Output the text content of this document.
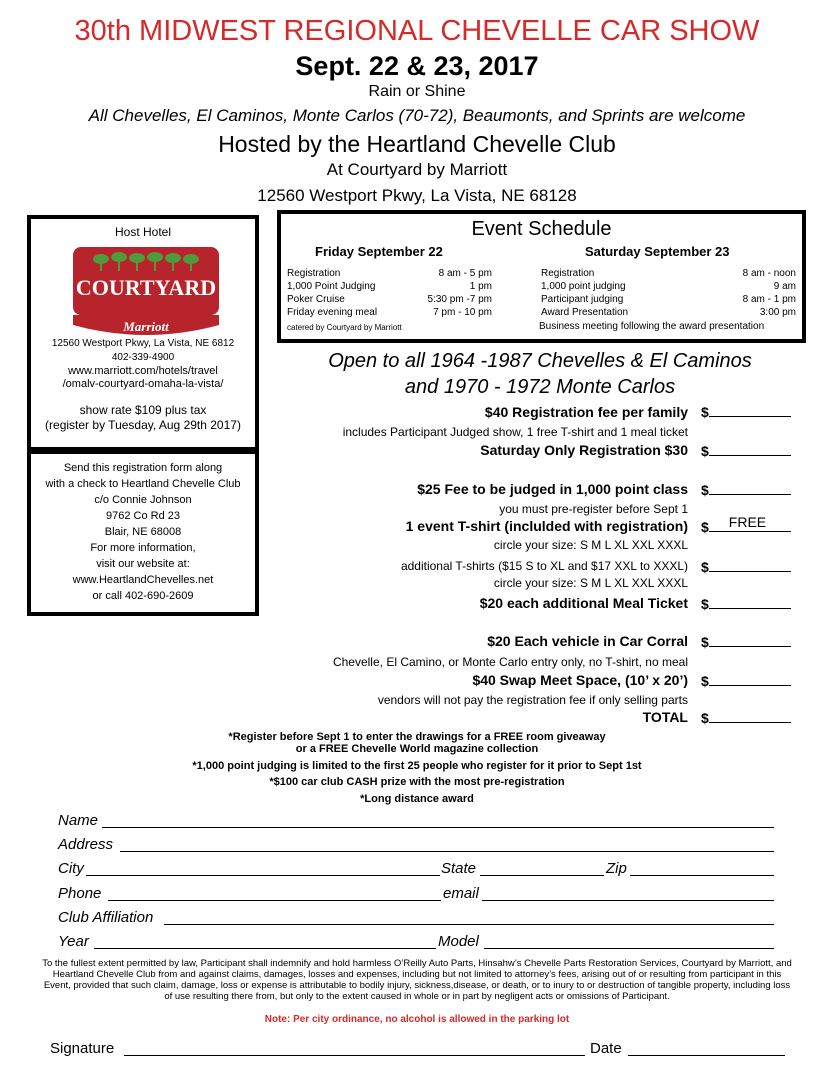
30th MIDWEST REGIONAL CHEVELLE CAR SHOW
Sept. 22 & 23, 2017
Rain or Shine
All Chevelles, El Caminos, Monte Carlos (70-72), Beaumonts, and Sprints are welcome
Hosted by the Heartland Chevelle Club
At Courtyard by Marriott
12560 Westport Pkwy, La Vista, NE 68128
Host Hotel
COURTYARD
Marriott
12560 Westport Pkwy, La Vista, NE 6812
402-339-4900
www.marriott.com/hotels/travel
/omalv-courtyard-omaha-la-vista/
show rate $109 plus tax
(register by Tuesday, Aug 29th 2017)
Send this registration form along
with a check to Heartland Chevelle Club
c/o Connie Johnson
9762 Co Rd 23
Blair, NE 68008
For more information,
visit our website at:
www.HeartlandChevelles.net
or call 402-690-2609
Event Schedule
Friday September 22	Saturday September 23
Registration	8 am - 5 pm
1,000 Point Judging	1 pm
Poker Cruise	5:30 pm -7 pm
Friday evening meal	7 pm - 10 pm
catered by Courtyard by Marriott
Registration	8 am - noon
1,000 point judging	9 am
Participant judging	8 am - 1 pm
Award Presentation	3:00 pm
Business meeting following the award presentation
Open to all 1964 -1987 Chevelles & El Caminos
and 1970 - 1972 Monte Carlos
$40 Registration fee per family $
includes Participant Judged show, 1 free T-shirt and 1 meal ticket
Saturday Only Registration $30 $
$25 Fee to be judged in 1,000 point class $
you must pre-register before Sept 1
1 event T-shirt (inclulded with registration) $ FREE
circle your size: S M L XL XXL XXXL
additional T-shirts ($15 S to XL and $17 XXL to XXXL) $
circle your size: S M L XL XXL XXXL
$20 each additional Meal Ticket $
$20 Each vehicle in Car Corral $
Chevelle, El Camino, or Monte Carlo entry only, no T-shirt, no meal
$40 Swap Meet Space, (10’ x 20’) $
vendors will not pay the registration fee if only selling parts
TOTAL $
*Register before Sept 1 to enter the drawings for a FREE room giveaway
or a FREE Chevelle World magazine collection
*1,000 point judging is limited to the first 25 people who register for it prior to Sept 1st
*$100 car club CASH prize with the most pre-registration
*Long distance award
Name
Address
City	State	Zip
Phone	email
Club Affiliation
Year	Model
To the fullest extent permitted by law, Participant shall indemnify and hold harmless O’Reilly Auto Parts, Hinsahw’s Chevelle Parts Restoration Services, Courtyard by Marriott, and Heartland Chevelle Club from and against claims, damages, losses and expenses, including but not limited to attorney’s fees, arising out of or resulting from participant in this Event, provided that such claim, damage, loss or expense is attributable to bodily injury, sickness,disease, or death, or to inury to or destruction of tangible property, including loss of use resulting there from, but only to the extent caused in whole or in part by negligent acts or omissions of Participant.
Note: Per city ordinance, no alcohol is allowed in the parking lot
Signature	Date
